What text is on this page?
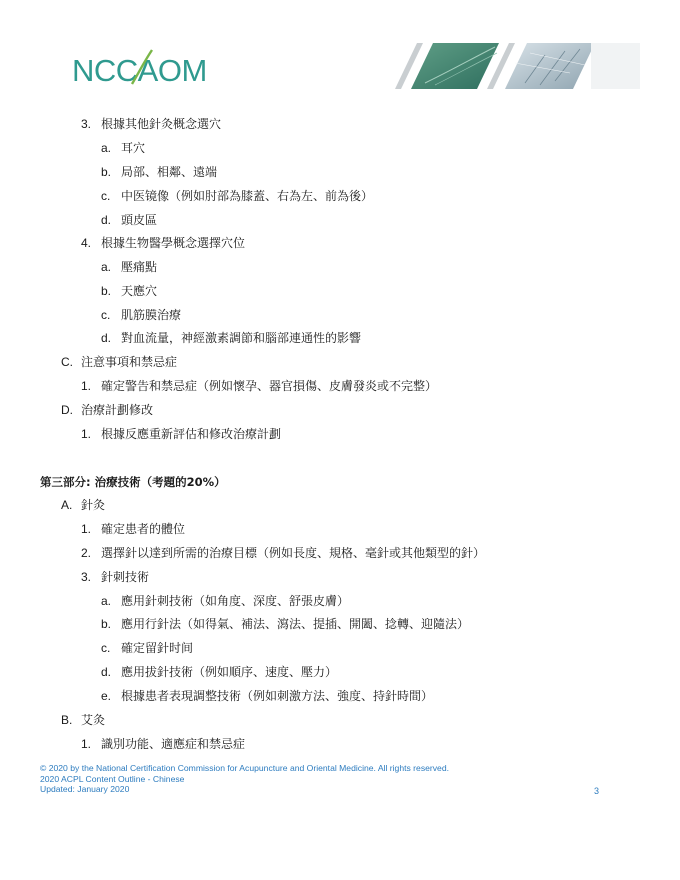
NCCAOM
3. 根據其他針灸概念選穴
a. 耳穴
b. 局部、相鄰、遠端
c. 中医镜像（例如肘部為膝蓋、右為左、前為後）
d. 頭皮區
4. 根據生物醫學概念選擇穴位
a. 壓痛點
b. 天應穴
c. 肌筋膜治療
d. 對血流量，神經激素調節和腦部連通性的影響
C. 注意事項和禁忌症
1. 確定警告和禁忌症（例如懷孕、器官損傷、皮膚發炎或不完整）
D. 治療計劃修改
1. 根據反應重新評估和修改治療計劃
第三部分: 治療技術（考題的20%）
A. 針灸
1. 確定患者的體位
2. 選擇針以達到所需的治療目標（例如長度、規格、毫針或其他類型的針）
3. 針刺技術
a. 應用針刺技術（如角度、深度、舒張皮膚）
b. 應用行針法（如得氣、補法、瀉法、提插、開闔、捻轉、迎隨法）
c. 確定留針时间
d. 應用拔針技術（例如順序、速度、壓力）
e. 根據患者表現調整技術（例如刺激方法、強度、持針時間）
B. 艾灸
1. 識別功能、適應症和禁忌症
© 2020 by the National Certification Commission for Acupuncture and Oriental Medicine. All rights reserved.
2020 ACPL Content Outline - Chinese
Updated: January 2020	3
